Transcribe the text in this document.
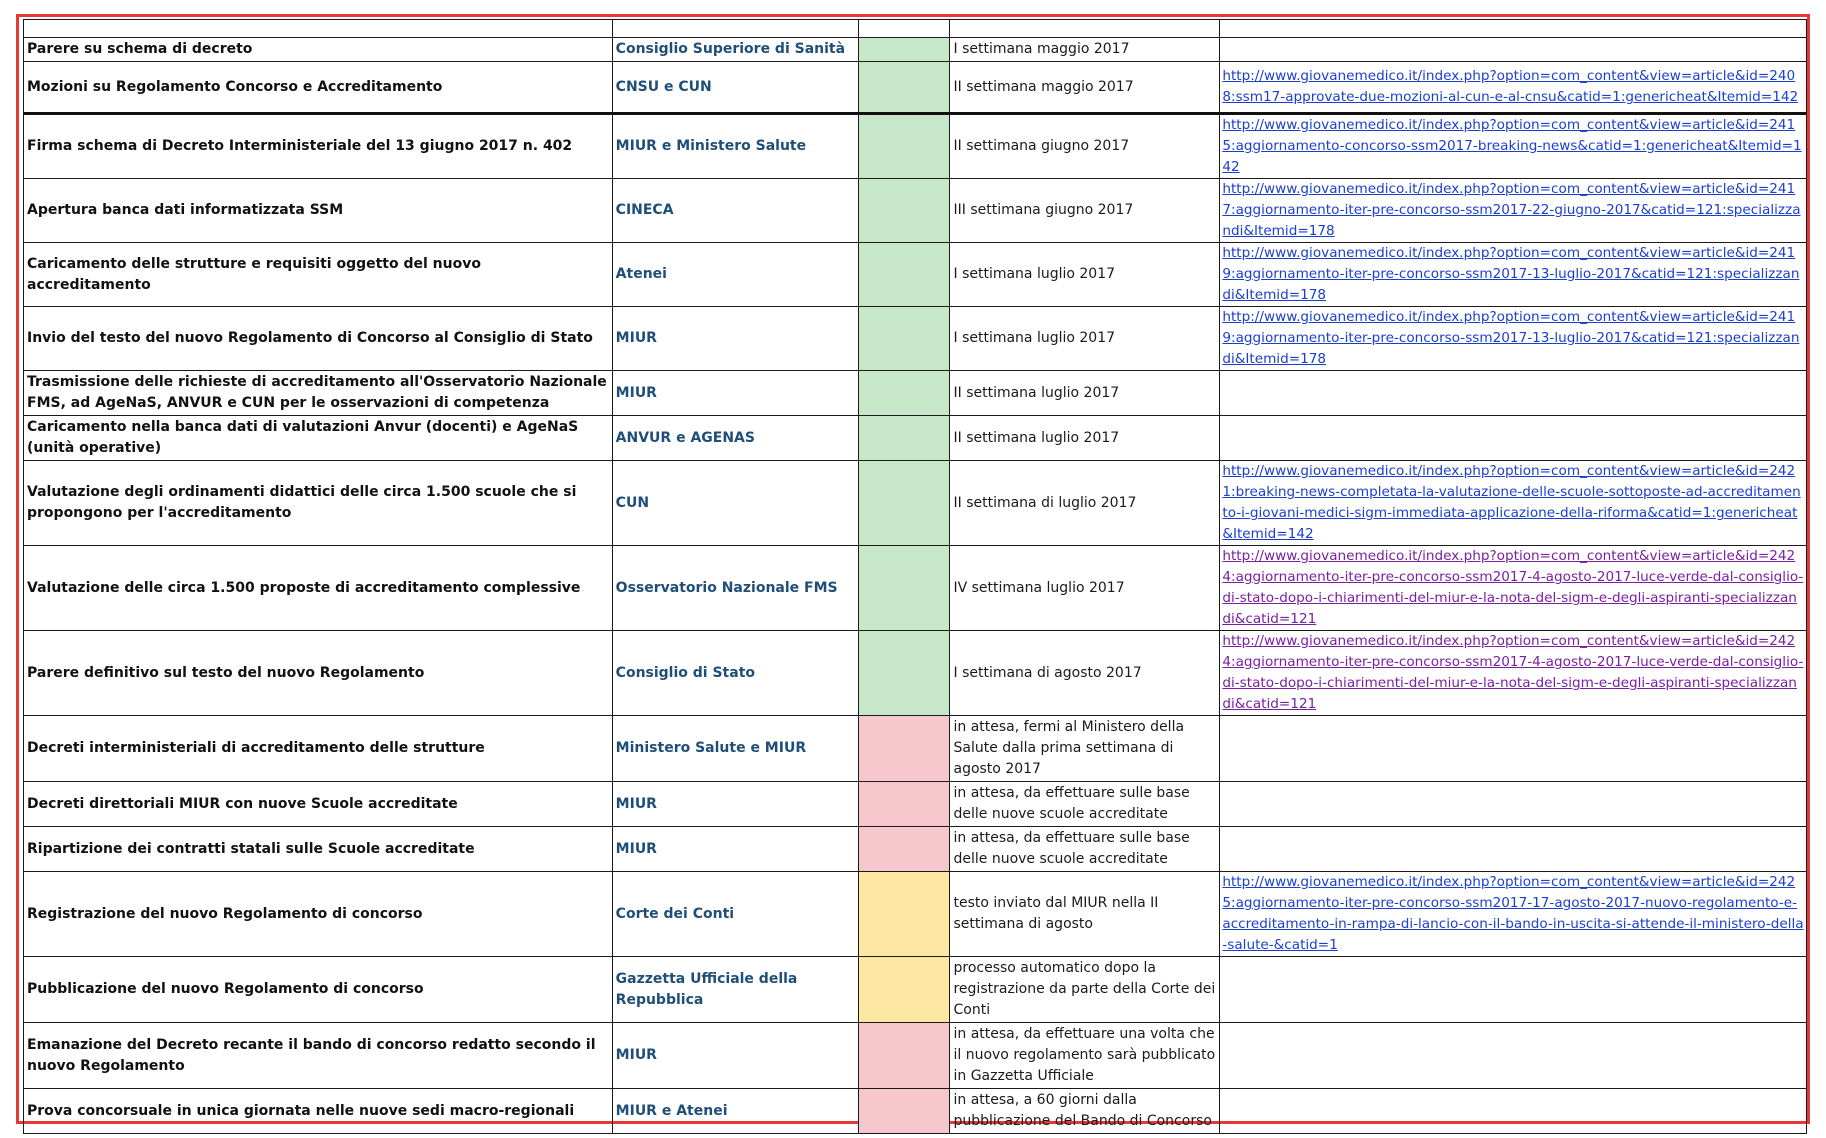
Parere su schema di decreto	Consiglio Superiore di Sanità		I settimana maggio 2017	
Mozioni su Regolamento Concorso e Accreditamento	CNSU e CUN		II settimana maggio 2017	http://www.giovanemedico.it/index.php?option=com_content&view=article&id=2408:ssm17-approvate-due-mozioni-al-cun-e-al-cnsu&catid=1:genericheat&Itemid=142
Firma schema di Decreto Interministeriale del 13 giugno 2017 n. 402	MIUR e Ministero Salute		II settimana giugno 2017	http://www.giovanemedico.it/index.php?option=com_content&view=article&id=2415:aggiornamento-concorso-ssm2017-breaking-news&catid=1:genericheat&Itemid=142
Apertura banca dati informatizzata SSM	CINECA		III settimana giugno 2017	http://www.giovanemedico.it/index.php?option=com_content&view=article&id=2417:aggiornamento-iter-pre-concorso-ssm2017-22-giugno-2017&catid=121:specializzandi&Itemid=178
Caricamento delle strutture e requisiti oggetto del nuovo accreditamento	Atenei		I settimana luglio 2017	http://www.giovanemedico.it/index.php?option=com_content&view=article&id=2419:aggiornamento-iter-pre-concorso-ssm2017-13-luglio-2017&catid=121:specializzandi&Itemid=178
Invio del testo del nuovo Regolamento di Concorso al Consiglio di Stato	MIUR		I settimana luglio 2017	http://www.giovanemedico.it/index.php?option=com_content&view=article&id=2419:aggiornamento-iter-pre-concorso-ssm2017-13-luglio-2017&catid=121:specializzandi&Itemid=178
Trasmissione delle richieste di accreditamento all'Osservatorio Nazionale FMS, ad AgeNaS, ANVUR e CUN per le osservazioni di competenza	MIUR		II settimana luglio 2017	
Caricamento nella banca dati di valutazioni Anvur (docenti) e AgeNaS (unità operative)	ANVUR e AGENAS		II settimana luglio 2017	
Valutazione degli ordinamenti didattici delle circa 1.500 scuole che si propongono per l'accreditamento	CUN		II settimana di luglio 2017	http://www.giovanemedico.it/index.php?option=com_content&view=article&id=2421:breaking-news-completata-la-valutazione-delle-scuole-sottoposte-ad-accreditamento-i-giovani-medici-sigm-immediata-applicazione-della-riforma&catid=1:genericheat&Itemid=142
Valutazione delle circa 1.500 proposte di accreditamento complessive	Osservatorio Nazionale FMS		IV settimana luglio 2017	http://www.giovanemedico.it/index.php?option=com_content&view=article&id=2424:aggiornamento-iter-pre-concorso-ssm2017-4-agosto-2017-luce-verde-dal-consiglio-di-stato-dopo-i-chiarimenti-del-miur-e-la-nota-del-sigm-e-degli-aspiranti-specializzandi&catid=121
Parere definitivo sul testo del nuovo Regolamento	Consiglio di Stato		I settimana di agosto 2017	http://www.giovanemedico.it/index.php?option=com_content&view=article&id=2424:aggiornamento-iter-pre-concorso-ssm2017-4-agosto-2017-luce-verde-dal-consiglio-di-stato-dopo-i-chiarimenti-del-miur-e-la-nota-del-sigm-e-degli-aspiranti-specializzandi&catid=121
Decreti interministeriali di accreditamento delle strutture	Ministero Salute e MIUR		in attesa, fermi al Ministero della Salute dalla prima settimana di agosto 2017	
Decreti direttoriali MIUR con nuove Scuole accreditate	MIUR		in attesa, da effettuare sulle base delle nuove scuole accreditate	
Ripartizione dei contratti statali sulle Scuole accreditate	MIUR		in attesa, da effettuare sulle base delle nuove scuole accreditate	
Registrazione del nuovo Regolamento di concorso	Corte dei Conti		testo inviato dal MIUR nella II settimana di agosto	http://www.giovanemedico.it/index.php?option=com_content&view=article&id=2425:aggiornamento-iter-pre-concorso-ssm2017-17-agosto-2017-nuovo-regolamento-e-accreditamento-in-rampa-di-lancio-con-il-bando-in-uscita-si-attende-il-ministero-della-salute-&catid=1
Pubblicazione del nuovo Regolamento di concorso	Gazzetta Ufficiale della Repubblica		processo automatico dopo la registrazione da parte della Corte dei Conti	
Emanazione del Decreto recante il bando di concorso redatto secondo il nuovo Regolamento	MIUR		in attesa, da effettuare una volta che il nuovo regolamento sarà pubblicato in Gazzetta Ufficiale	
Prova concorsuale in unica giornata nelle nuove sedi macro-regionali	MIUR e Atenei		in attesa, a 60 giorni dalla pubblicazione del Bando di Concorso	
